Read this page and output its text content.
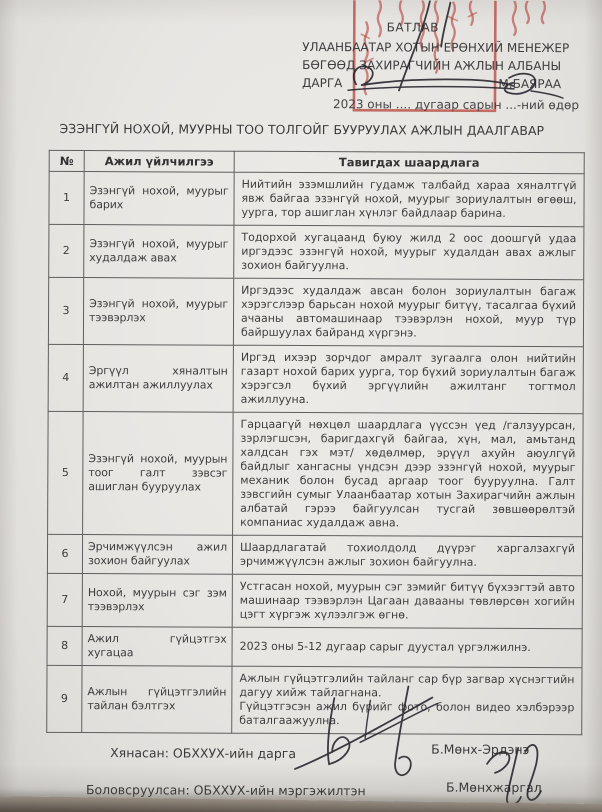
БАТЛАВ
УЛААНБААТАР ХОТЫН ЕРӨНХИЙ МЕНЕЖЕР
БӨГӨӨД ЗАХИРАГЧИЙН АЖЛЫН АЛБАНЫ
ДАРГА	М.БАЯРАА
2023 оны .... дугаар сарын ...-ний өдөр
ЭЗЭНГҮЙ НОХОЙ, МУУРНЫ ТОО ТОЛГОЙГ БУУРУУЛАХ АЖЛЫН ДААЛГАВАР
№	Ажил үйлчилгээ	Тавигдах шаардлага
1	Эзэнгүй нохой, муурыг барих	Нийтийн эзэмшлийн гудамж талбайд хараа хяналтгүй явж байгаа эзэнгүй нохой, муурыг зориулалтын өгөөш, уурга, тор ашиглан хүнлэг байдлаар барина.
2	Эзэнгүй нохой, муурыг худалдаж авах	Тодорхой хугацаанд буюу жилд 2 оос доошгүй удаа иргэдээс эзэнгүй нохой, муурыг худалдан авах ажлыг зохион байгуулна.
3	Эзэнгүй нохой, муурыг тээвэрлэх	Иргэдээс худалдаж авсан болон зориулалтын багаж хэрэгслээр барьсан нохой муурыг битүү, тасалгаа бүхий ачааны автомашинаар тээвэрлэн нохой, муур түр байршуулах байранд хүргэнэ.
4	Эргүүл хяналтын ажилтан ажиллуулах	Иргэд ихээр зорчдог амралт зугаалга олон нийтийн газарт нохой барих уурга, тор бүхий зориулалтын багаж хэрэгсэл бүхий эргүүлийн ажилтанг тогтмол ажиллууна.
5	Эзэнгүй нохой, муурын тоог галт зэвсэг ашиглан бууруулах	Гарцаагүй нөхцөл шаардлага үүссэн үед /галзуурсан, зэрлэгшсэн, баригдахгүй байгаа, хүн, мал, амьтанд халдсан гэх мэт/ хөдөлмөр, эрүүл ахуйн аюулгүй байдлыг хангасны үндсэн дээр эзэнгүй нохой, муурыг механик болон бусад аргаар тоог бууруулна. Галт зэвсгийн сумыг Улаанбаатар хотын Захирагчийн ажлын албатай гэрээ байгуулсан тусгай зөвшөөрөлтэй компаниас худалдаж авна.
6	Эрчимжүүлсэн ажил зохион байгуулах	Шаардлагатай тохиолдолд дүүрэг харгалзахгүй эрчимжүүлсэн ажлыг зохион байгуулна.
7	Нохой, муурын сэг зэм тээвэрлэх	Устгасан нохой, муурын сэг зэмийг битүү бүхээгтэй авто машинаар тээвэрлэн Цагаан давааны төвлөрсөн хогийн цэгт хүргэж хүлээлгэж өгнө.
8	Ажил гүйцэтгэх хугацаа	2023 оны 5-12 дугаар сарыг дуустал үргэлжилнэ.
9	Ажлын гүйцэтгэлийн тайлан бэлтгэх	Ажлын гүйцэтгэлийн тайланг сар бүр загвар хүснэгтийн дагуу хийж тайлагнана.
Гүйцэтгэсэн ажил бүрийг фото, болон видео хэлбэрээр баталгаажуулна.
Хянасан: ОБХХУХ-ийн дарга	Б.Мөнх-Эрдэнэ
Боловсруулсан: ОБХХУХ-ийн мэргэжилтэн	Б.Мөнхжаргал
